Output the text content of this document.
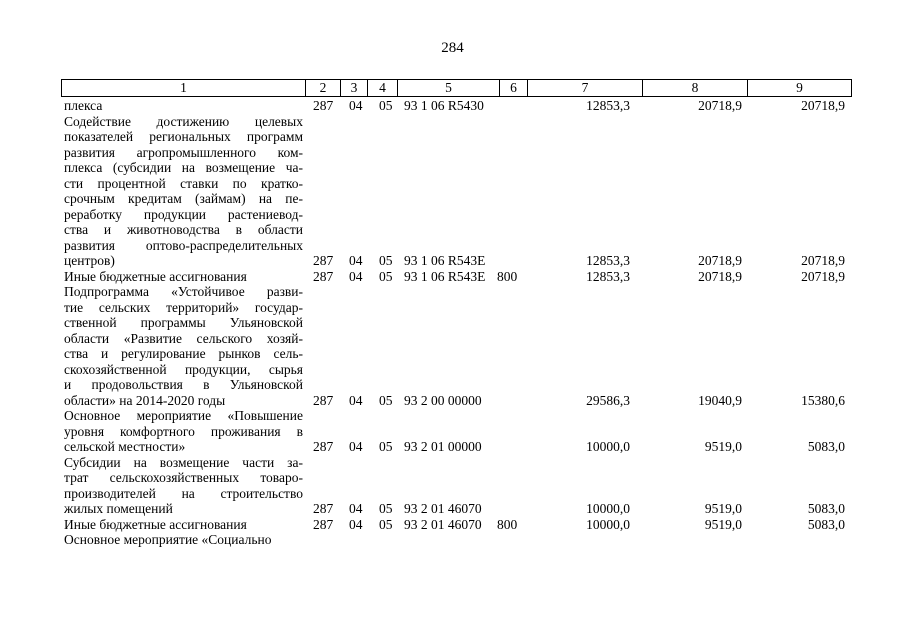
284
1	2	3	4	5	6	7	8	9
плекса	287 04 05 93 1 06 R5430	12853,3	20718,9	20718,9
Содействие достижению целевых
показателей региональных программ
развития агропромышленного ком-
плекса (субсидии на возмещение ча-
сти процентной ставки по кратко-
срочным кредитам (займам) на пе-
реработку продукции растениевод-
ства и животноводства в области
развития оптово-распределительных
центров)	287 04 05 93 1 06 R543E	12853,3	20718,9	20718,9
Иные бюджетные ассигнования	287 04 05 93 1 06 R543E 800	12853,3	20718,9	20718,9
Подпрограмма «Устойчивое разви-
тие сельских территорий» государ-
ственной программы Ульяновской
области «Развитие сельского хозяй-
ства и регулирование рынков сель-
скохозяйственной продукции, сырья
и продовольствия в Ульяновской
области» на 2014-2020 годы	287 04 05 93 2 00 00000	29586,3	19040,9	15380,6
Основное мероприятие «Повышение
уровня комфортного проживания в
сельской местности»	287 04 05 93 2 01 00000	10000,0	9519,0	5083,0
Субсидии на возмещение части за-
трат сельскохозяйственных товаро-
производителей на строительство
жилых помещений	287 04 05 93 2 01 46070	10000,0	9519,0	5083,0
Иные бюджетные ассигнования	287 04 05 93 2 01 46070 800	10000,0	9519,0	5083,0
Основное мероприятие «Социально
